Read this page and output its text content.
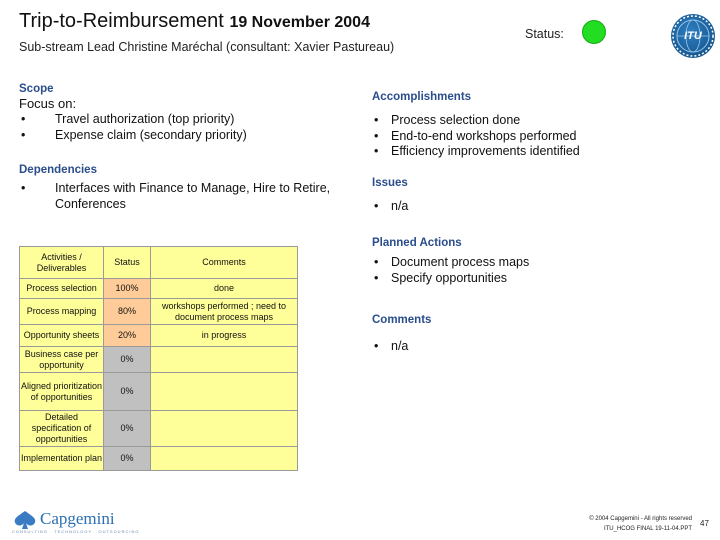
Trip-to-Reimbursement 19 November 2004
Sub-stream Lead Christine Maréchal (consultant: Xavier Pastureau)
Status:	ITU
Scope
Focus on:
• Travel authorization (top priority)
• Expense claim (secondary priority)
Dependencies
• Interfaces with Finance to Manage, Hire to Retire, Conferences
Activities / Deliverables	Status	Comments
Process selection	100%	done
Process mapping	80%	workshops performed ; need to document process maps
Opportunity sheets	20%	in progress
Business case per opportunity	0%	
Aligned prioritization of opportunities	0%	
Detailed specification of opportunities	0%	
Implementation plan	0%	
Accomplishments
• Process selection done
• End-to-end workshops performed
• Efficiency improvements identified
Issues
• n/a
Planned Actions
• Document process maps
• Specify opportunities
Comments
• n/a
Capgemini
CONSULTING . TECHNOLOGY . OUTSOURCING
© 2004 Capgemini - All rights reserved
ITU_HCOG FINAL 19-11-04.PPT
47
